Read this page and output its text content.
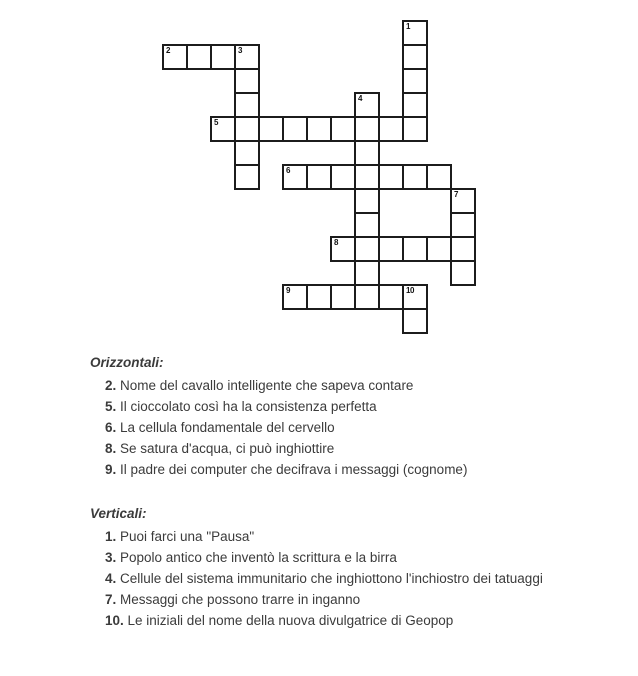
1
2	3
4
5
6
7
8
9	10
Orizzontali:
2. Nome del cavallo intelligente che sapeva contare
5. Il cioccolato così ha la consistenza perfetta
6. La cellula fondamentale del cervello
8. Se satura d'acqua, ci può inghiottire
9. Il padre dei computer che decifrava i messaggi (cognome)
Verticali:
1. Puoi farci una "Pausa"
3. Popolo antico che inventò la scrittura e la birra
4. Cellule del sistema immunitario che inghiottono l'inchiostro dei tatuaggi
7. Messaggi che possono trarre in inganno
10. Le iniziali del nome della nuova divulgatrice di Geopop
